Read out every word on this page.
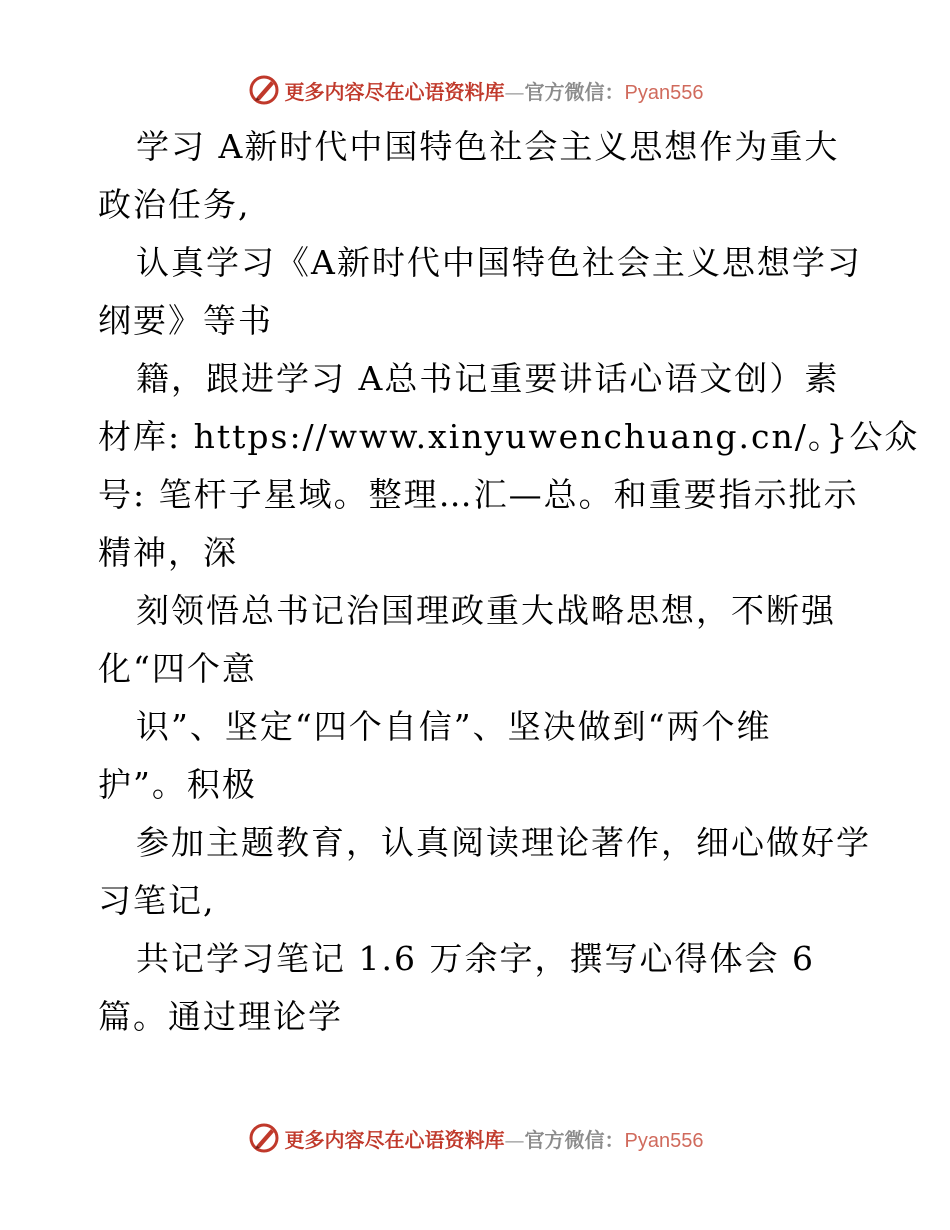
更多内容尽在心语资料库—官方微信：Pyan556
学习 A新时代中国特色社会主义思想作为重大
政治任务,
认真学习《A新时代中国特色社会主义思想学习
纲要》等书
籍，跟进学习 A总书记重要讲话心语文创）素
材库: https://www.xinyuwenchuang.cn/。}公众
号: 笔杆子星域。整理…汇—总。和重要指示批示
精神，深
刻领悟总书记治国理政重大战略思想，不断强
化“四个意
识”、坚定“四个自信”、坚决做到“两个维
护”。积极
参加主题教育，认真阅读理论著作，细心做好学
习笔记,
共记学习笔记 1.6 万余字，撰写心得体会 6
篇。通过理论学
更多内容尽在心语资料库—官方微信：Pyan556
